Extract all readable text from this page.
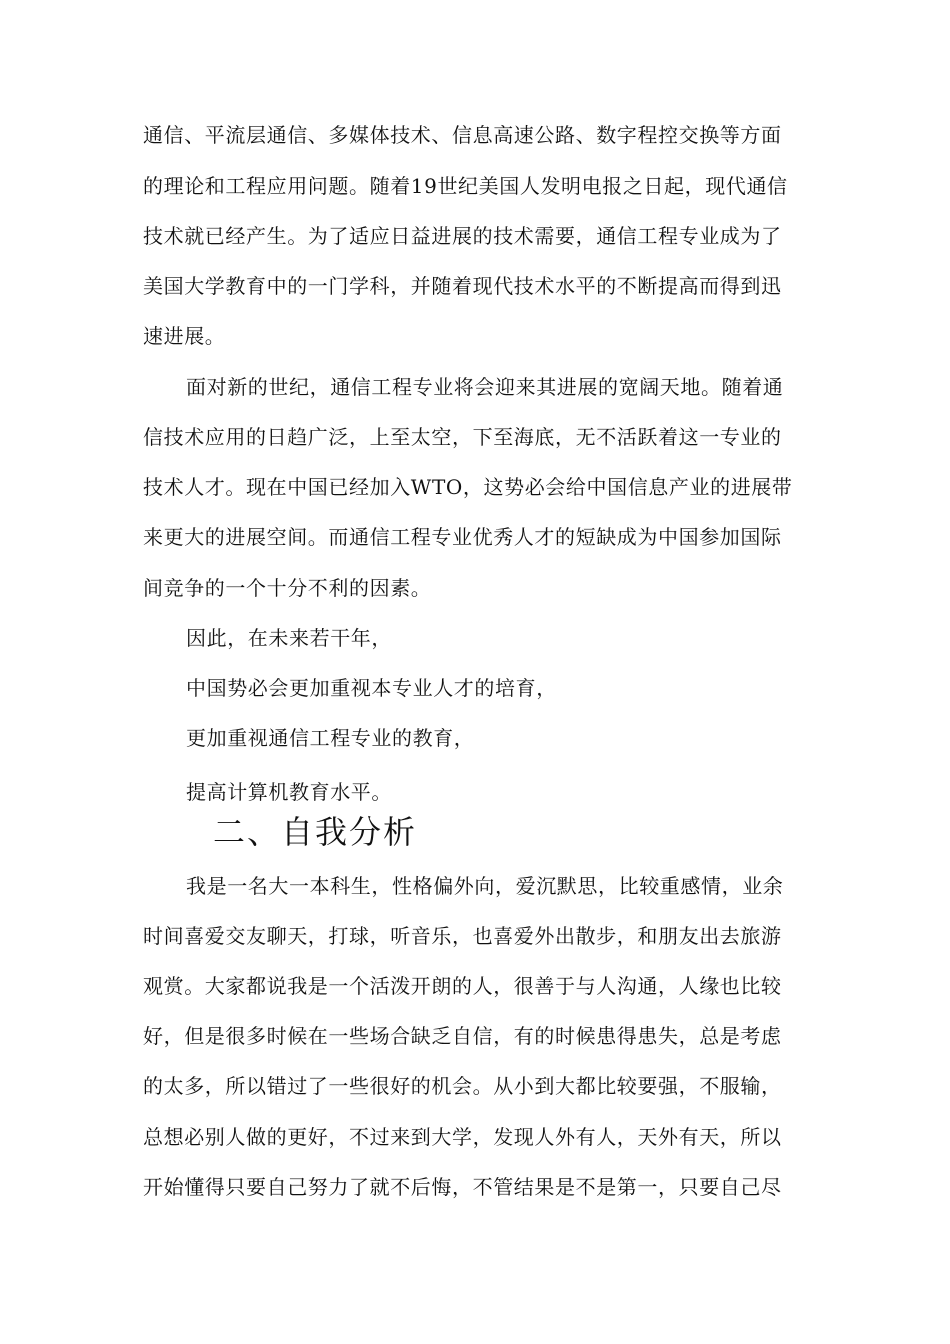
通信、平流层通信、多媒体技术、信息高速公路、数字程控交换等方面
的理论和工程应用问题。随着19世纪美国人发明电报之日起，现代通信
技术就已经产生。为了适应日益进展的技术需要，通信工程专业成为了
美国大学教育中的一门学科，并随着现代技术水平的不断提高而得到迅
速进展。
面对新的世纪，通信工程专业将会迎来其进展的宽阔天地。随着通
信技术应用的日趋广泛，上至太空，下至海底，无不活跃着这一专业的
技术人才。现在中国已经加入WTO，这势必会给中国信息产业的进展带
来更大的进展空间。而通信工程专业优秀人才的短缺成为中国参加国际
间竞争的一个十分不利的因素。
因此，在未来若干年，
中国势必会更加重视本专业人才的培育，
更加重视通信工程专业的教育，
提高计算机教育水平。
二、自我分析
我是一名大一本科生，性格偏外向，爱沉默思，比较重感情，业余
时间喜爱交友聊天，打球，听音乐，也喜爱外出散步，和朋友出去旅游
观赏。大家都说我是一个活泼开朗的人，很善于与人沟通，人缘也比较
好，但是很多时候在一些场合缺乏自信，有的时候患得患失，总是考虑
的太多，所以错过了一些很好的机会。从小到大都比较要强，不服输，
总想必别人做的更好，不过来到大学，发现人外有人，天外有天，所以
开始懂得只要自己努力了就不后悔，不管结果是不是第一，只要自己尽
